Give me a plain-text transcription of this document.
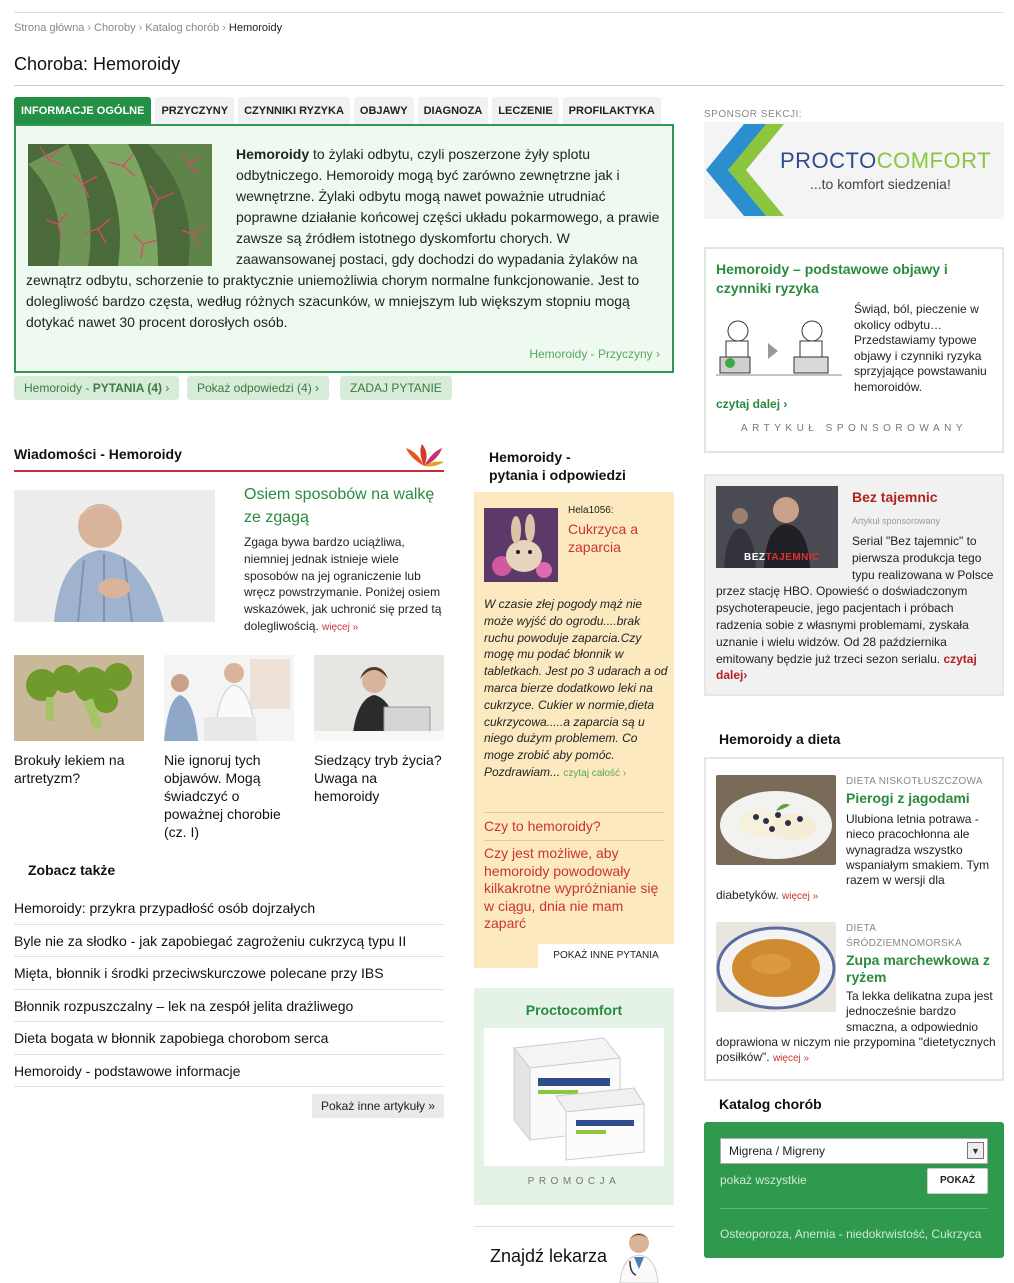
Strona główna › Choroby › Katalog chorób › Hemoroidy
Choroba: Hemoroidy
INFORMACJE OGÓLNE	PRZYCZYNY	CZYNNIKI RYZYKA	OBJAWY	DIAGNOZA	LECZENIE	PROFILAKTYKA
Hemoroidy to żylaki odbytu, czyli poszerzone żyły splotu odbytniczego. Hemoroidy mogą być zarówno zewnętrzne jak i wewnętrzne. Żylaki odbytu mogą nawet poważnie utrudniać poprawne działanie końcowej części układu pokarmowego, a prawie zawsze są źródłem istotnego dyskomfortu chorych. W zaawansowanej postaci, gdy dochodzi do wypadania żylaków na zewnątrz odbytu, schorzenie to praktycznie uniemożliwia chorym normalne funkcjonowanie. Jest to dolegliwość bardzo częsta, według różnych szacunków, w mniejszym lub większym stopniu mogą dotykać nawet 30 procent dorosłych osób.
Hemoroidy - Przyczyny ›
Hemoroidy - PYTANIA (4) ›	Pokaż odpowiedzi (4) ›	ZADAJ PYTANIE
SPONSOR SEKCJI:
PROCTOCOMFORT
...to komfort siedzenia!
Hemoroidy – podstawowe objawy i czynniki ryzyka
Świąd, ból, pieczenie w okolicy odbytu… Przedstawiamy typowe objawy i czynniki ryzyka sprzyjające powstawaniu hemoroidów.
czytaj dalej ›
ARTYKUŁ SPONSOROWANY
Serial "Bez tajemnic" to pierwsza produkcja tego typu realizowana w Polsce przez stację HBO. Opowieść o doświadczonym psychoterapeucie, jego pacjentach i próbach radzenia sobie z własnymi problemami, zyskała uznanie i wielu widzów. Od 28 października emitowany będzie już trzeci sezon serialu. czytaj dalej›
BEZTAJEMNIC
Bez tajemnic
Artykuł sponsorowany
Hemoroidy a dieta
DIETA NISKOTŁUSZCZOWA
Pierogi z jagodami
Ulubiona letnia potrawa - nieco pracochłonna ale wynagradza wszystko wspaniałym smakiem. Tym razem w wersji dla diabetyków. więcej »
DIETA
ŚRÓDZIEMNOMORSKA
Zupa marchewkowa z ryżem
Ta lekka delikatna zupa jest jednocześnie bardzo smaczna, a odpowiednio doprawiona w niczym nie przypomina "dietetycznych posiłków". więcej »
Katalog chorób
Migrena / Migreny	▼
pokaż wszystkie	POKAŻ
Osteoporoza, Anemia - niedokrwistość, Cukrzyca
Wiadomości - Hemoroidy
Osiem sposobów na walkę ze zgagą
Zgaga bywa bardzo uciążliwa, niemniej jednak istnieje wiele sposobów na jej ograniczenie lub wręcz powstrzymanie. Poniżej osiem wskazówek, jak uchronić się przed tą dolegliwością. więcej »
Brokuły lekiem na artretyzm?
Nie ignoruj tych objawów. Mogą świadczyć o poważnej chorobie (cz. I)
Siedzący tryb życia? Uwaga na hemoroidy
Zobacz także
Hemoroidy: przykra przypadłość osób dojrzałych
Byle nie za słodko - jak zapobiegać zagrożeniu cukrzycą typu II
Mięta, błonnik i środki przeciwskurczowe polecane przy IBS
Błonnik rozpuszczalny – lek na zespół jelita drażliwego
Dieta bogata w błonnik zapobiega chorobom serca
Hemoroidy - podstawowe informacje
Pokaż inne artykuły »
Hemoroidy -
pytania i odpowiedzi
Hela1056:
Cukrzyca a zaparcia
W czasie złej pogody mąż nie może wyjść do ogrodu....brak ruchu powoduje zaparcia.Czy mogę mu podać błonnik w tabletkach. Jest po 3 udarach a od marca bierze dodatkowo leki na cukrzyce. Cukier w normie,dieta cukrzycowa.....a zaparcia są u niego dużym problemem. Co moge zrobić aby pomóc. Pozdrawiam... czytaj całość ›
Czy to hemoroidy?
Czy jest możliwe, aby hemoroidy powodowały kilkakrotne wypróżnianie się w ciągu, dnia nie mam zaparć
POKAŻ INNE PYTANIA
Proctocomfort
PROMOCJA
Znajdź lekarza
